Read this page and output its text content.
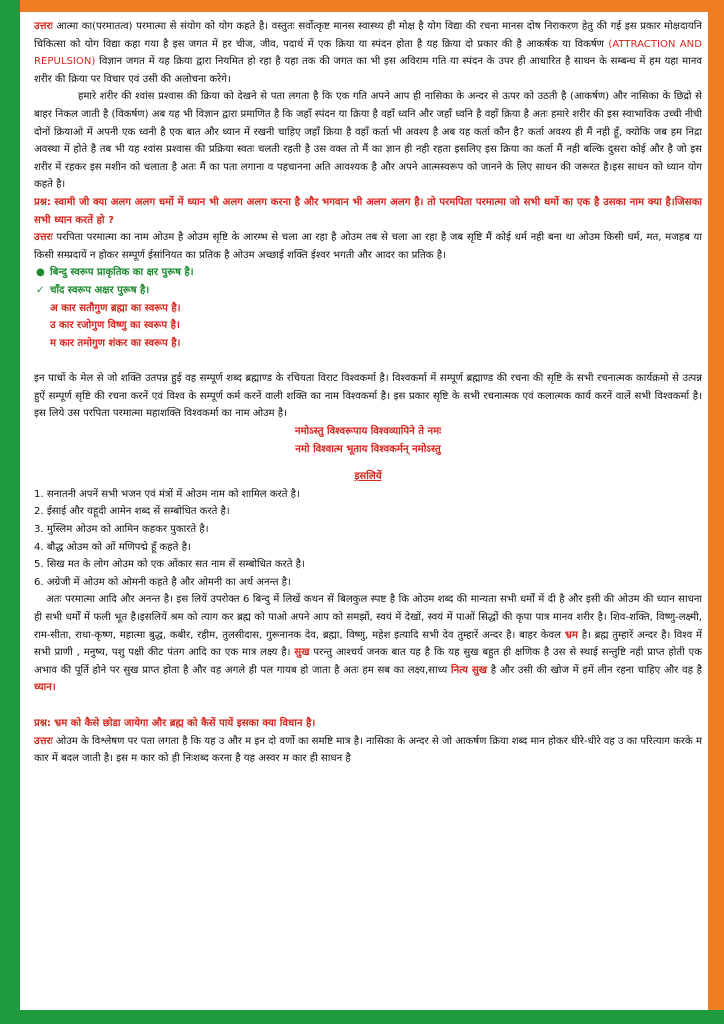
उत्तरः आत्मा का(परमातत्व) परमात्मा से संयोग को योग कहते है। वस्तुतः सर्वोत्कृष्ट मानस स्वास्थ्य ही मोक्ष है योग विद्या की रचना मानस दोष निराकरण हेतु की गई इस प्रकार मोक्षदायनि चिकित्सा को योग विद्या कहा गया है इस जगत में हर चीज, जीव, पदार्थ में एक क्रिया या स्पंदन होता है यह क्रिया दो प्रकार की है आकर्षक या विकर्षण (ATTRACTION AND REPULSION) विज्ञान जगत में यह क्रिया द्वारा नियमित हो रहा है यहा तक की जगत का भी इस अविराम गति या स्पंदन के उपर ही आधारित है साधन के सम्बन्ध में हम यहा मानव शरीर की क्रिया पर विचार एवं उसी की अलोचना करेगे।

हमारे शरीर की श्वांस प्रश्वास की क्रिया को देखने से पता लगता है कि एक गति अपने आप ही नासिका के अन्दर से ऊपर को उठती है (आकर्षण) और नासिका के छिद्रो से बाहर निकल जाती है (विकर्षण) अब यह भी विज्ञान द्वारा प्रमाणित है कि जहाँ स्पंदन या क्रिया है वहाँ ध्वनि और जहाँ ध्वनि है वहाँ क्रिया है अतः हमारे शरीर की इस स्वाभाविक उच्ची नीची दोनों क्रियाओ में अपनी एक ध्वनी है एक बात और ध्यान में रखनी चाहिए जहाँ क्रिया है वहाँ कर्ता भी अवश्य है अब यह कर्ता कौन है? कर्ता अवश्य ही मैं नही हूँ, क्योकि जब हम निद्रा अवस्था में होते है तब भी यह श्वांस प्रश्वास की प्रक्रिया स्वतः चलती रहती है उस वक्त तो मैं का ज्ञान ही नही रहता इसलिए इस क्रिया का कर्ता मैं नही बल्कि दुसरा कोई और है जो इस शरीर में रहकर इस मशीन को चलाता है अतः मैं का पता लगाना व पहचानना अति आवश्यक है और अपने आत्मस्वरूप को जानने के लिए साधन की जरूरत है।इस साधन को ध्यान योग कहते है।

प्रश्न: स्वामी जी क्या अलग अलग धर्मो में ध्यान भी अलग अलग करना है और भगवान भी अलग अलग है। तो परमपिता परमात्मा जो सभी धर्मो का एक है उसका नाम क्या है।जिसका सभी ध्यान करतें हो ?

उत्तरः परपिता परमात्मा का नाम ओउम है ओउम सृष्टि के आरम्भ से चला आ रहा है ओउम तब से चला आ रहा है जब सृष्टि मैं कोई धर्म नही बना था ओउम किसी धर्म, मत, मजहब या किसी सम्प्रदायें न होकर सम्पूर्ण ईसांनियत का प्रतिक है ओउम अच्छाई शक्ति ईश्वर भगती और आदर का प्रतिक है।

● बिन्दु स्वरूप प्राकृतिक का क्षर पुरूष है।
✓ चाँद स्वरूप अक्षर पुरूष है।
अ कार सतौगुण ब्रह्मा का स्वरूप है।
उ कार रजोगुण विष्णु का स्वरूप है।
म कार तमोगुण शंकर का स्वरूप है।

इन पाचों के मेल से जो शक्ति उतपन्न हुई वह सम्पूर्ण शब्द ब्रह्माण्ड के रचियता विराट विश्वकर्मा है। विश्वकर्मा में सम्पूर्ण ब्रह्माण्ड की रचना की सृष्टि के सभी रचनात्मक कार्यक्रमो से उत्पन्न हुऐं सम्पूर्ण सृष्टि की रचना करनें एवं विश्व के सम्पूर्ण कर्म करनें वाली शक्ति का नाम विश्वकर्मा है। इस प्रकार सृष्टि के सभी रचनात्मक एवं कलात्मक कार्य करनें वालें सभी विश्वकर्मा है। इस लिये उस परपिता परमात्मा महाशक्ति विश्वकर्मा का नाम ओउम है।

नमोऽस्तु विश्वरूपाय विश्वव्यापिने ते नमः

नमो विश्वात्म भूताय विश्वकर्मन् नमोऽस्तु

इसलियें

1. सनातनी अपनें सभी भजन एवं मंत्रों में ओउम नाम को शामिल करते है।

2. ईसाई और यहूदी आमेन शब्द सें सम्बोधित करते है।

3. मुस्लिम ओउम को आमिन कहकर पुकारते है।

4. बौद्ध ओउम को ओं मणिपद्मे हूँ कहते है।

5. सिख मत के लोग ओउम को एक ओंकार सत नाम सें सम्बोधित करते है।

6. अग्रेजी में ओउम को ओमनी कहते है और ओमनी का अर्थ अनन्त है।

अतः परमात्मा आदि और अनन्त है। इस लियें उपरोक्त 6 बिन्दु में लिखें कथन सें बिलकुल स्पष्ट है कि ओउम शब्द की मान्यता सभी धर्मों में दी है और इसी की ओउम की ध्यान साधना ही सभी धर्मों में फली भूत है।इसलियें श्रम को त्याग कर ब्रह्म को पाओ अपने आप को समझों, स्वयं में देखों, स्वयं में पाओं सिद्धों की कृपा पात्र मानव शरीर है। शिव-शक्ति, विष्णु-लक्ष्मी, राम-सीता, राधा-कृष्ण, महात्मा बुद्ध, कबीर, रहीम, तुलसीदास, गुरूनानक देव, ब्रह्मा, विष्णु, महेश इत्यादि सभी देव तुम्हारें अन्दर है। बाहर केवल भ्रम है। ब्रह्म तुम्हारें अन्दर है। विश्व में सभी प्राणी , मनुष्य, पशु पक्षी कीट पंतग आदि का एक मात्र लक्ष्य है। सुख परन्तु आश्चर्य जनक बात यह है कि यह सुख बहुत ही क्षणिक है उस से स्थाई सन्तुष्टि नही प्राप्त होती एक अभाव की पूर्ति होने पर सुख प्राप्त होता है और वह अगले ही पल गायब हो जाता है अतः हम सब का लक्ष्य,साध्य नित्य सुख है और उसी की खोज में हमें लीन रहना चाहिए और वह है ध्यान।

प्रश्न: भ्रम को कैसे छोडा जायेगा और ब्रह्म को कैसें पायें इसका क्या विधान है।

उत्तरः ओउम के विश्लेषण पर पता लगता है कि यह उ और म इन दो वर्णो का समष्टि मात्र है। नासिका के अन्दर से जो आकर्षण क्रिया शब्द मान होकर धीरे-धीरे वह उ का परित्याग करके म कार में बदल जाती है। इस म कार को ही निःशब्द करना है यह अस्वर म कार ही साधन है
